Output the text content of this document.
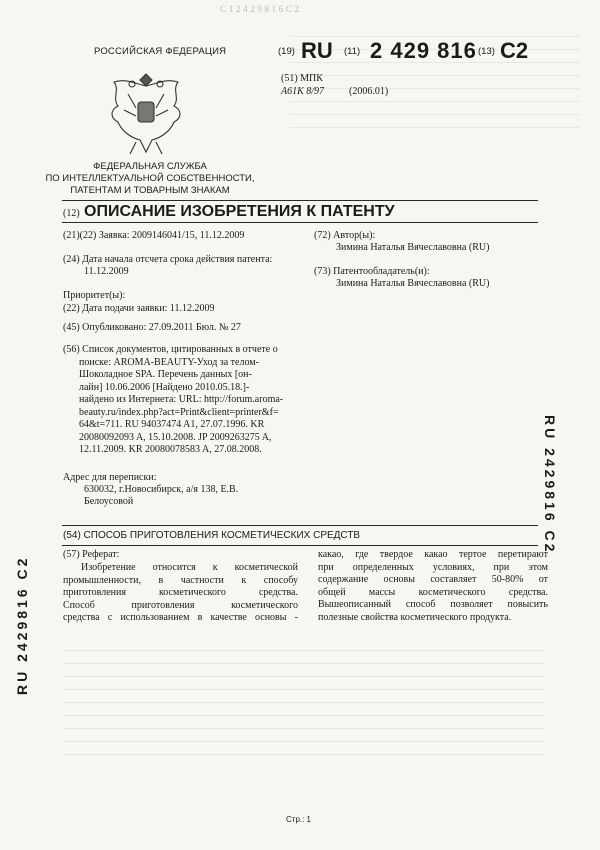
С 1 2 4 2 9 8 1 6 С 2
РОССИЙСКАЯ ФЕДЕРАЦИЯ
ФЕДЕРАЛЬНАЯ СЛУЖБА
ПО ИНТЕЛЛЕКТУАЛЬНОЙ СОБСТВЕННОСТИ,
ПАТЕНТАМ И ТОВАРНЫМ ЗНАКАМ
(19) RU (11) 2 429 816 (13) C2
(51) МПК
A61K 8/97 (2006.01)
(12) ОПИСАНИЕ ИЗОБРЕТЕНИЯ К ПАТЕНТУ
(21)(22) Заявка: 2009146041/15, 11.12.2009
(24) Дата начала отсчета срока действия патента:
11.12.2009
Приоритет(ы):
(22) Дата подачи заявки: 11.12.2009
(45) Опубликовано: 27.09.2011 Бюл. № 27
(56) Список документов, цитированных в отчете о
поиске: AROMA-BEAUTY-Уход за телом-
Шоколадное SPA. Перечень данных [он-
лайн] 10.06.2006 [Найдено 2010.05.18.]-
найдено из Интернета: URL: http://forum.aroma-
beauty.ru/index.php?act=Print&client=printer&f=
64&t=711. RU 94037474 A1, 27.07.1996. KR
20080092093 A, 15.10.2008. JP 2009263275 A,
12.11.2009. KR 20080078583 A, 27.08.2008.
Адрес для переписки:
630032, г.Новосибирск, а/я 138, Е.В.
Белоусовой
(72) Автор(ы):
Зимина Наталья Вячеславовна (RU)
(73) Патентообладатель(и):
Зимина Наталья Вячеславовна (RU)
RU 2429816 C2
RU 2429816 C2
(54) СПОСОБ ПРИГОТОВЛЕНИЯ КОСМЕТИЧЕСКИХ СРЕДСТВ
(57) Реферат:
Изобретение относится к косметической
промышленности, в частности к способу
приготовления косметического средства.
Способ приготовления косметического
средства с использованием в качестве основы -
какао, где твердое какао тертое перетирают
при определенных условиях, при этом
содержание основы составляет 50-80% от
общей массы косметического средства.
Вышеописанный способ позволяет повысить
полезные свойства косметического продукта.
Стр.: 1
